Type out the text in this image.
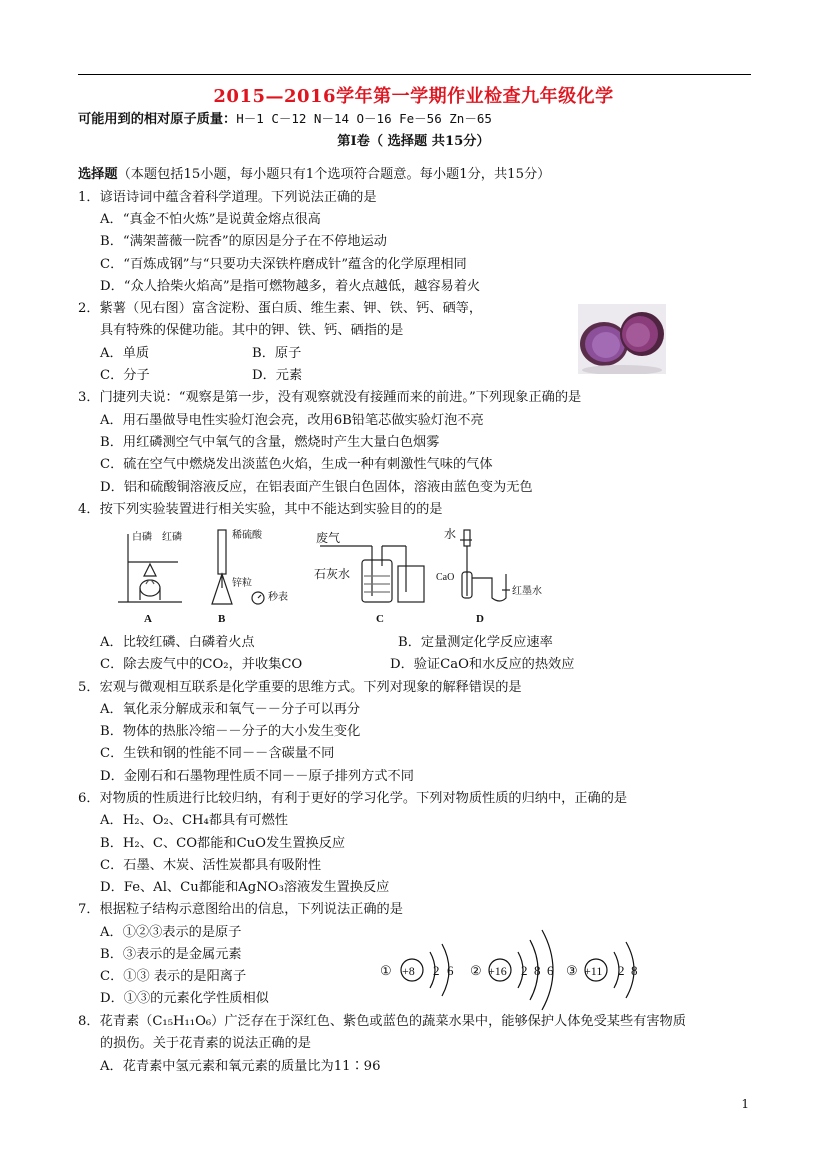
2015—2016学年第一学期作业检查九年级化学
可能用到的相对原子质量：H－1 C－12 N－14 O－16 Fe－56 Zn－65
第Ⅰ卷（ 选择题 共15分）
选择题（本题包括15小题，每小题只有1个选项符合题意。每小题1分，共15分）
1．谚语诗词中蕴含着科学道理。下列说法正确的是
A．“真金不怕火炼”是说黄金熔点很高
B．“满架蔷薇一院香”的原因是分子在不停地运动
C．“百炼成钢”与“只要功夫深铁杵磨成针”蕴含的化学原理相同
D．“众人拾柴火焰高”是指可燃物越多，着火点越低，越容易着火
2．紫薯（见右图）富含淀粉、蛋白质、维生素、钾、铁、钙、硒等，
具有特殊的保健功能。其中的钾、铁、钙、硒指的是
A．单质	B．原子
C．分子	D．元素
3．门捷列夫说：“观察是第一步，没有观察就没有接踵而来的前进。”下列现象正确的是
A．用石墨做导电性实验灯泡会亮，改用6B铅笔芯做实验灯泡不亮
B．用红磷测空气中氧气的含量，燃烧时产生大量白色烟雾
C．硫在空气中燃烧发出淡蓝色火焰，生成一种有刺激性气味的气体
D．铝和硫酸铜溶液反应，在铝表面产生银白色固体，溶液由蓝色变为无色
4．按下列实验装置进行相关实验，其中不能达到实验目的的是
白磷 红磷
A
稀硫酸
锌粒
秒表
B
废气
石灰水
C
水
CaO
红墨水
D
A．比较红磷、白磷着火点	B．定量测定化学反应速率
C．除去废气中的CO₂，并收集CO	D．验证CaO和水反应的热效应
5．宏观与微观相互联系是化学重要的思维方式。下列对现象的解释错误的是
A．氧化汞分解成汞和氧气－－分子可以再分
B．物体的热胀冷缩－－分子的大小发生变化
C．生铁和钢的性能不同－－含碳量不同
D．金刚石和石墨物理性质不同－－原子排列方式不同
6．对物质的性质进行比较归纳，有利于更好的学习化学。下列对物质性质的归纳中，正确的是
A．H₂、O₂、CH₄都具有可燃性
B．H₂、C、CO都能和CuO发生置换反应
C．石墨、木炭、活性炭都具有吸附性
D．Fe、Al、Cu都能和AgNO₃溶液发生置换反应
7．根据粒子结构示意图给出的信息，下列说法正确的是
A．①②③表示的是原子
B．③表示的是金属元素
C．①③ 表示的是阳离子
D．①③的元素化学性质相似
① +8 2 6 ② +16 2 8 6 ③ +11 2 8
8．花青素（C₁₅H₁₁O₆）广泛存在于深红色、紫色或蓝色的蔬菜水果中，能够保护人体免受某些有害物质
的损伤。关于花青素的说法正确的是
A．花青素中氢元素和氧元素的质量比为11∶96
1
